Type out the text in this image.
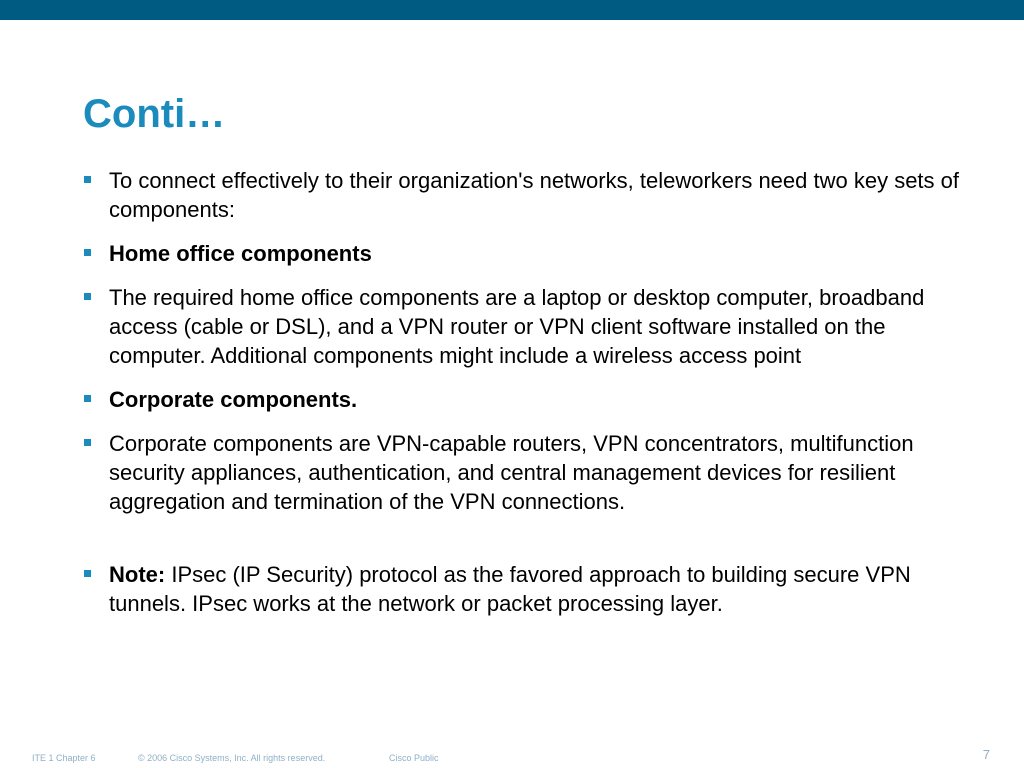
Conti…
To connect effectively to their organization's networks, teleworkers need two key sets of components:
Home office components
The required home office components are a laptop or desktop computer, broadband access (cable or DSL), and a VPN router or VPN client software installed on the computer. Additional components might include a wireless access point
Corporate components.
Corporate components are VPN-capable routers, VPN concentrators, multifunction security appliances, authentication, and central management devices for resilient aggregation and termination of the VPN connections.
Note: IPsec (IP Security) protocol as the favored approach to building secure VPN tunnels. IPsec works at the network or packet processing layer.
ITE 1 Chapter 6	© 2006 Cisco Systems, Inc. All rights reserved.	Cisco Public	7
